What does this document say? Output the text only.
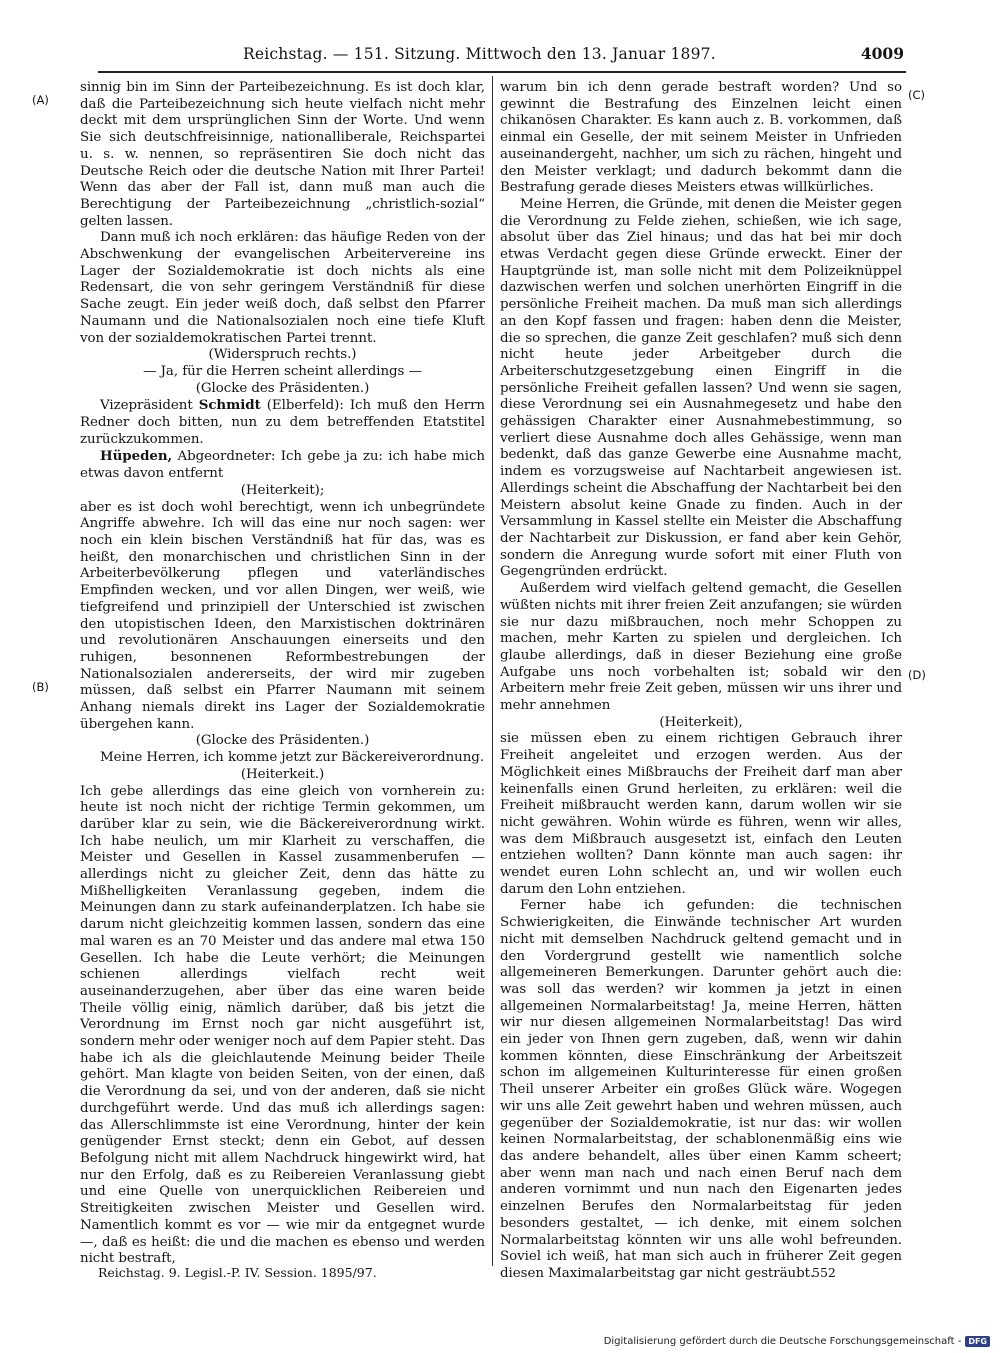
Reichstag. — 151. Sitzung. Mittwoch den 13. Januar 1897.	4009
(A)
(B)
(C)
(D)

sinnig bin im Sinn der Parteibezeichnung. Es ist doch klar, daß die Parteibezeichnung sich heute vielfach nicht mehr deckt mit dem ursprünglichen Sinn der Worte. Und wenn Sie sich deutschfreisinnige, nationalliberale, Reichspartei u. s. w. nennen, so repräsentiren Sie doch nicht das Deutsche Reich oder die deutsche Nation mit Ihrer Partei! Wenn das aber der Fall ist, dann muß man auch die Berechtigung der Parteibezeichnung „christlich-sozial“ gelten lassen.

Dann muß ich noch erklären: das häufige Reden von der Abschwenkung der evangelischen Arbeitervereine ins Lager der Sozialdemokratie ist doch nichts als eine Redensart, die von sehr geringem Verständniß für diese Sache zeugt. Ein jeder weiß doch, daß selbst den Pfarrer Naumann und die Nationalsozialen noch eine tiefe Kluft von der sozialdemokratischen Partei trennt.

(Widerspruch rechts.)

— Ja, für die Herren scheint allerdings —

(Glocke des Präsidenten.)

Vizepräsident Schmidt (Elberfeld): Ich muß den Herrn Redner doch bitten, nun zu dem betreffenden Etatstitel zurückzukommen.

Hüpeden, Abgeordneter: Ich gebe ja zu: ich habe mich etwas davon entfernt

(Heiterkeit);

aber es ist doch wohl berechtigt, wenn ich unbegründete Angriffe abwehre. Ich will das eine nur noch sagen: wer noch ein klein bischen Verständniß hat für das, was es heißt, den monarchischen und christlichen Sinn in der Arbeiterbevölkerung pflegen und vaterländisches Empfinden wecken, und vor allen Dingen, wer weiß, wie tiefgreifend und prinzipiell der Unterschied ist zwischen den utopistischen Ideen, den Marxistischen doktrinären und revolutionären Anschauungen einerseits und den ruhigen, besonnenen Reformbestrebungen der Nationalsozialen andererseits, der wird mir zugeben müssen, daß selbst ein Pfarrer Naumann mit seinem Anhang niemals direkt ins Lager der Sozialdemokratie übergehen kann.

(Glocke des Präsidenten.)

Meine Herren, ich komme jetzt zur Bäckereiverordnung.

(Heiterkeit.)

Ich gebe allerdings das eine gleich von vornherein zu: heute ist noch nicht der richtige Termin gekommen, um darüber klar zu sein, wie die Bäckereiverordnung wirkt. Ich habe neulich, um mir Klarheit zu verschaffen, die Meister und Gesellen in Kassel zusammenberufen — allerdings nicht zu gleicher Zeit, denn das hätte zu Mißhelligkeiten Veranlassung gegeben, indem die Meinungen dann zu stark aufeinanderplatzen. Ich habe sie darum nicht gleichzeitig kommen lassen, sondern das eine mal waren es an 70 Meister und das andere mal etwa 150 Gesellen. Ich habe die Leute verhört; die Meinungen schienen allerdings vielfach recht weit auseinanderzugehen, aber über das eine waren beide Theile völlig einig, nämlich darüber, daß bis jetzt die Verordnung im Ernst noch gar nicht ausgeführt ist, sondern mehr oder weniger noch auf dem Papier steht. Das habe ich als die gleichlautende Meinung beider Theile gehört. Man klagte von beiden Seiten, von der einen, daß die Verordnung da sei, und von der anderen, daß sie nicht durchgeführt werde. Und das muß ich allerdings sagen: das Allerschlimmste ist eine Verordnung, hinter der kein genügender Ernst steckt; denn ein Gebot, auf dessen Befolgung nicht mit allem Nachdruck hingewirkt wird, hat nur den Erfolg, daß es zu Reibereien Veranlassung giebt und eine Quelle von unerquicklichen Reibereien und Streitigkeiten zwischen Meister und Gesellen wird. Namentlich kommt es vor — wie mir da entgegnet wurde —, daß es heißt: die und die machen es ebenso und werden nicht bestraft,

warum bin ich denn gerade bestraft worden? Und so gewinnt die Bestrafung des Einzelnen leicht einen chikanösen Charakter. Es kann auch z. B. vorkommen, daß einmal ein Geselle, der mit seinem Meister in Unfrieden auseinandergeht, nachher, um sich zu rächen, hingeht und den Meister verklagt; und dadurch bekommt dann die Bestrafung gerade dieses Meisters etwas willkürliches.

Meine Herren, die Gründe, mit denen die Meister gegen die Verordnung zu Felde ziehen, schießen, wie ich sage, absolut über das Ziel hinaus; und das hat bei mir doch etwas Verdacht gegen diese Gründe erweckt. Einer der Hauptgründe ist, man solle nicht mit dem Polizeiknüppel dazwischen werfen und solchen unerhörten Eingriff in die persönliche Freiheit machen. Da muß man sich allerdings an den Kopf fassen und fragen: haben denn die Meister, die so sprechen, die ganze Zeit geschlafen? muß sich denn nicht heute jeder Arbeitgeber durch die Arbeiterschutzgesetzgebung einen Eingriff in die persönliche Freiheit gefallen lassen? Und wenn sie sagen, diese Verordnung sei ein Ausnahmegesetz und habe den gehässigen Charakter einer Ausnahmebestimmung, so verliert diese Ausnahme doch alles Gehässige, wenn man bedenkt, daß das ganze Gewerbe eine Ausnahme macht, indem es vorzugsweise auf Nachtarbeit angewiesen ist. Allerdings scheint die Abschaffung der Nachtarbeit bei den Meistern absolut keine Gnade zu finden. Auch in der Versammlung in Kassel stellte ein Meister die Abschaffung der Nachtarbeit zur Diskussion, er fand aber kein Gehör, sondern die Anregung wurde sofort mit einer Fluth von Gegengründen erdrückt.

Außerdem wird vielfach geltend gemacht, die Gesellen wüßten nichts mit ihrer freien Zeit anzufangen; sie würden sie nur dazu mißbrauchen, noch mehr Schoppen zu machen, mehr Karten zu spielen und dergleichen. Ich glaube allerdings, daß in dieser Beziehung eine große Aufgabe uns noch vorbehalten ist; sobald wir den Arbeitern mehr freie Zeit geben, müssen wir uns ihrer und mehr annehmen

(Heiterkeit),

sie müssen eben zu einem richtigen Gebrauch ihrer Freiheit angeleitet und erzogen werden. Aus der Möglichkeit eines Mißbrauchs der Freiheit darf man aber keinenfalls einen Grund herleiten, zu erklären: weil die Freiheit mißbraucht werden kann, darum wollen wir sie nicht gewähren. Wohin würde es führen, wenn wir alles, was dem Mißbrauch ausgesetzt ist, einfach den Leuten entziehen wollten? Dann könnte man auch sagen: ihr wendet euren Lohn schlecht an, und wir wollen euch darum den Lohn entziehen.

Ferner habe ich gefunden: die technischen Schwierigkeiten, die Einwände technischer Art wurden nicht mit demselben Nachdruck geltend gemacht und in den Vordergrund gestellt wie namentlich solche allgemeineren Bemerkungen. Darunter gehört auch die: was soll das werden? wir kommen ja jetzt in einen allgemeinen Normalarbeitstag! Ja, meine Herren, hätten wir nur diesen allgemeinen Normalarbeitstag! Das wird ein jeder von Ihnen gern zugeben, daß, wenn wir dahin kommen könnten, diese Einschränkung der Arbeitszeit schon im allgemeinen Kulturinteresse für einen großen Theil unserer Arbeiter ein großes Glück wäre. Wogegen wir uns alle Zeit gewehrt haben und wehren müssen, auch gegenüber der Sozialdemokratie, ist nur das: wir wollen keinen Normalarbeitstag, der schablonenmäßig eins wie das andere behandelt, alles über einen Kamm scheert; aber wenn man nach und nach einen Beruf nach dem anderen vornimmt und nun nach den Eigenarten jedes einzelnen Berufes den Normalarbeitstag für jeden besonders gestaltet, — ich denke, mit einem solchen Normalarbeitstag könnten wir uns alle wohl befreunden. Soviel ich weiß, hat man sich auch in früherer Zeit gegen diesen Maximalarbeitstag gar nicht gesträubt.

Reichstag. 9. Legisl.-P. IV. Session. 1895/97.	552
Digitalisierung gefördert durch die Deutsche Forschungsgemeinschaft - DFG
